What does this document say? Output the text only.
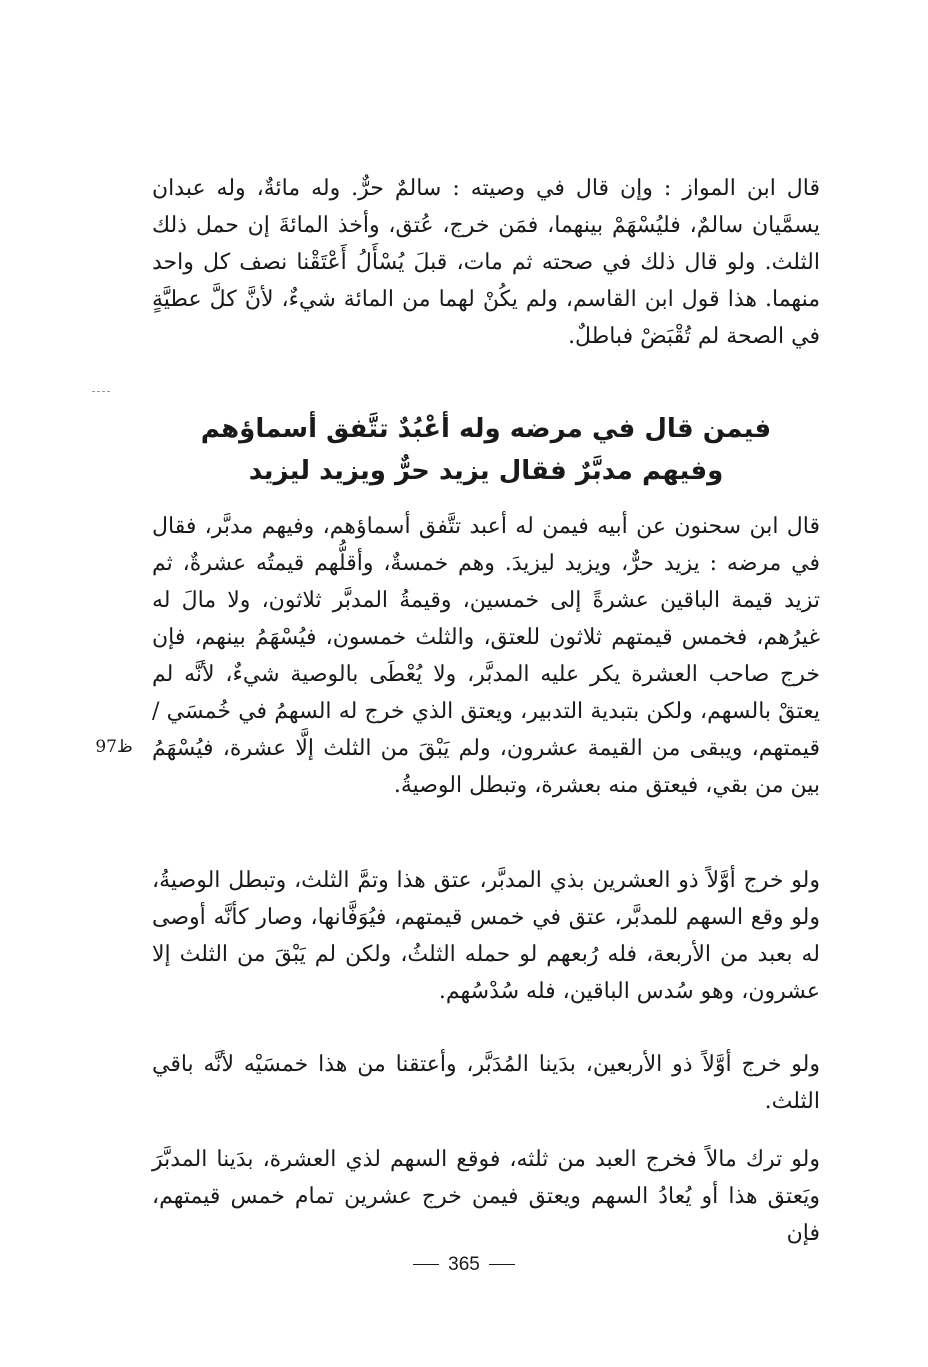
قال ابن المواز : وإن قال في وصيته : سالمٌ حرٌّ. وله مائةٌ، وله عبدان يسمَّيان سالمٌ، فليُسْهَمْ بينهما، فمَن خرج، عُتق، وأخذ المائةَ إن حمل ذلك الثلث. ولو قال ذلك في صحته ثم مات، قبلَ يُسْأَلُ أَعْتَقْنا نصف كل واحد منهما. هذا قول ابن القاسم، ولم يكُنْ لهما من المائة شيءٌ، لأنَّ كلَّ عطيَّةٍ في الصحة لم تُقْبَضْ فباطلٌ.

فيمن قال في مرضه وله أعْبُدٌ تتَّفق أسماؤهم
وفيهم مدبَّرٌ فقال يزيد حرٌّ ويزيد ليزيد

قال ابن سحنون عن أبيه فيمن له أعبد تتَّفق أسماؤهم، وفيهم مدبَّر، فقال في مرضه : يزيد حرٌّ، ويزيد ليزيدَ. وهم خمسةٌ، وأقلُّهم قيمتُه عشرةٌ، ثم تزيد قيمة الباقين عشرةً إلى خمسين، وقيمةُ المدبَّر ثلاثون، ولا مالَ له غيرُهم، فخمس قيمتهم ثلاثون للعتق، والثلث خمسون، فيُسْهَمُ بينهم، فإن خرج صاحب العشرة يكر عليه المدبَّر، ولا يُعْطَى بالوصية شيءٌ، لأنَّه لم يعتقْ بالسهم، ولكن بتبدية التدبير، ويعتق الذي خرج له السهمُ في خُمسَي / قيمتهم، ويبقى من القيمة عشرون، ولم يَبْقَ من الثلث إلَّا عشرة، فيُسْهَمُ بين من بقي، فيعتق منه بعشرة، وتبطل الوصيةُ.

ظ97

ولو خرج أوَّلاً ذو العشرين بذي المدبَّر، عتق هذا وتمَّ الثلث، وتبطل الوصيةُ، ولو وقع السهم للمدبَّر، عتق في خمس قيمتهم، فيُوَفَّانها، وصار كأنَّه أوصى له بعبد من الأربعة، فله رُبعهم لو حمله الثلثُ، ولكن لم يَبْقَ من الثلث إلا عشرون، وهو سُدس الباقين، فله سُدْسُهم.

ولو خرج أوَّلاً ذو الأربعين، بدَينا المُدَبَّر، وأعتقنا من هذا خمسَيْه لأنَّه باقي الثلث.

ولو ترك مالاً فخرج العبد من ثلثه، فوقع السهم لذي العشرة، بدَينا المدبَّرَ ويَعتق هذا أو يُعادُ السهم ويعتق فيمن خرج عشرين تمام خمس قيمتهم، فإن

365
